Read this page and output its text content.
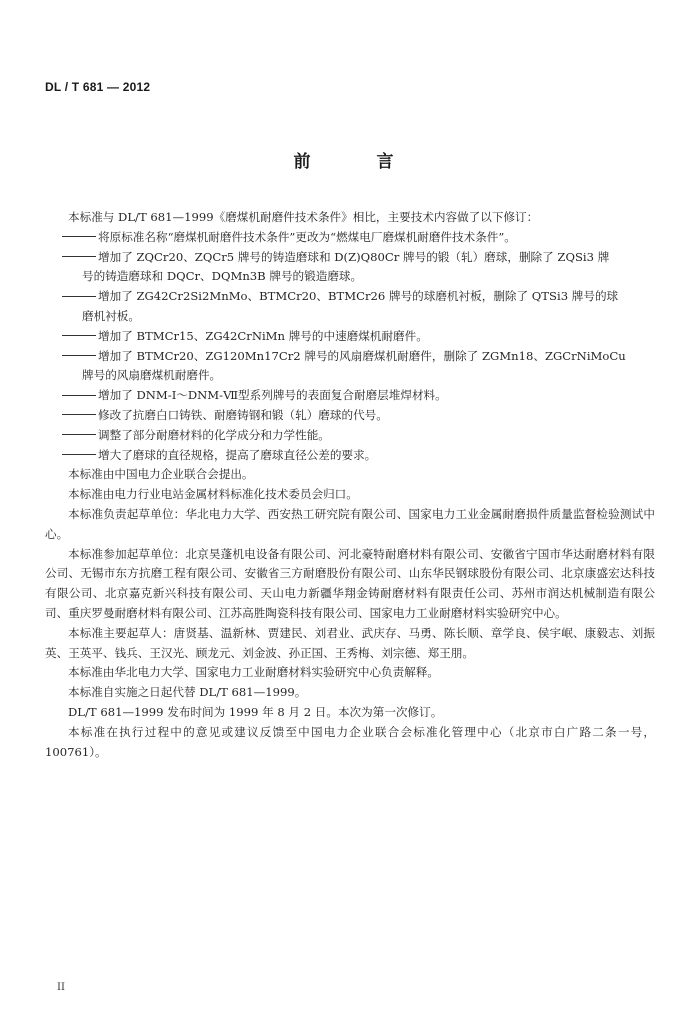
DL / T 681 — 2012
前 言

本标准与 DL/T 681—1999《磨煤机耐磨件技术条件》相比，主要技术内容做了以下修订：

将原标准名称“磨煤机耐磨件技术条件”更改为“燃煤电厂磨煤机耐磨件技术条件”。

增加了 ZQCr20、ZQCr5 牌号的铸造磨球和 D(Z)Q80Cr 牌号的锻（轧）磨球，删除了 ZQSi3 牌
号的铸造磨球和 DQCr、DQMn3B 牌号的锻造磨球。

增加了 ZG42Cr2Si2MnMo、BTMCr20、BTMCr26 牌号的球磨机衬板，删除了 QTSi3 牌号的球
磨机衬板。

增加了 BTMCr15、ZG42CrNiMn 牌号的中速磨煤机耐磨件。

增加了 BTMCr20、ZG120Mn17Cr2 牌号的风扇磨煤机耐磨件，删除了 ZGMn18、ZGCrNiMoCu
牌号的风扇磨煤机耐磨件。

增加了 DNM-Ⅰ～DNM-Ⅶ型系列牌号的表面复合耐磨层堆焊材料。

修改了抗磨白口铸铁、耐磨铸钢和锻（轧）磨球的代号。

调整了部分耐磨材料的化学成分和力学性能。

增大了磨球的直径规格，提高了磨球直径公差的要求。

本标准由中国电力企业联合会提出。

本标准由电力行业电站金属材料标准化技术委员会归口。

本标准负责起草单位：华北电力大学、西安热工研究院有限公司、国家电力工业金属耐磨损件质量监督检验测试中心。

本标准参加起草单位：北京昊蓬机电设备有限公司、河北豪特耐磨材料有限公司、安徽省宁国市华达耐磨材料有限公司、无锡市东方抗磨工程有限公司、安徽省三方耐磨股份有限公司、山东华民钢球股份有限公司、北京康盛宏达科技有限公司、北京嘉克新兴科技有限公司、天山电力新疆华翔金铸耐磨材料有限责任公司、苏州市润达机械制造有限公司、重庆罗曼耐磨材料有限公司、江苏高胜陶瓷科技有限公司、国家电力工业耐磨材料实验研究中心。

本标准主要起草人：唐贤基、温新林、贾建民、刘君业、武庆存、马勇、陈长顺、章学良、侯宇岷、康毅志、刘振英、王英平、钱兵、王汉光、顾龙元、刘金波、孙正国、王秀梅、刘宗德、郑王朋。

本标准由华北电力大学、国家电力工业耐磨材料实验研究中心负责解释。

本标准自实施之日起代替 DL/T 681—1999。

DL/T 681—1999 发布时间为 1999 年 8 月 2 日。本次为第一次修订。

本标准在执行过程中的意见或建议反馈至中国电力企业联合会标准化管理中心（北京市白广路二条一号，100761）。

II
